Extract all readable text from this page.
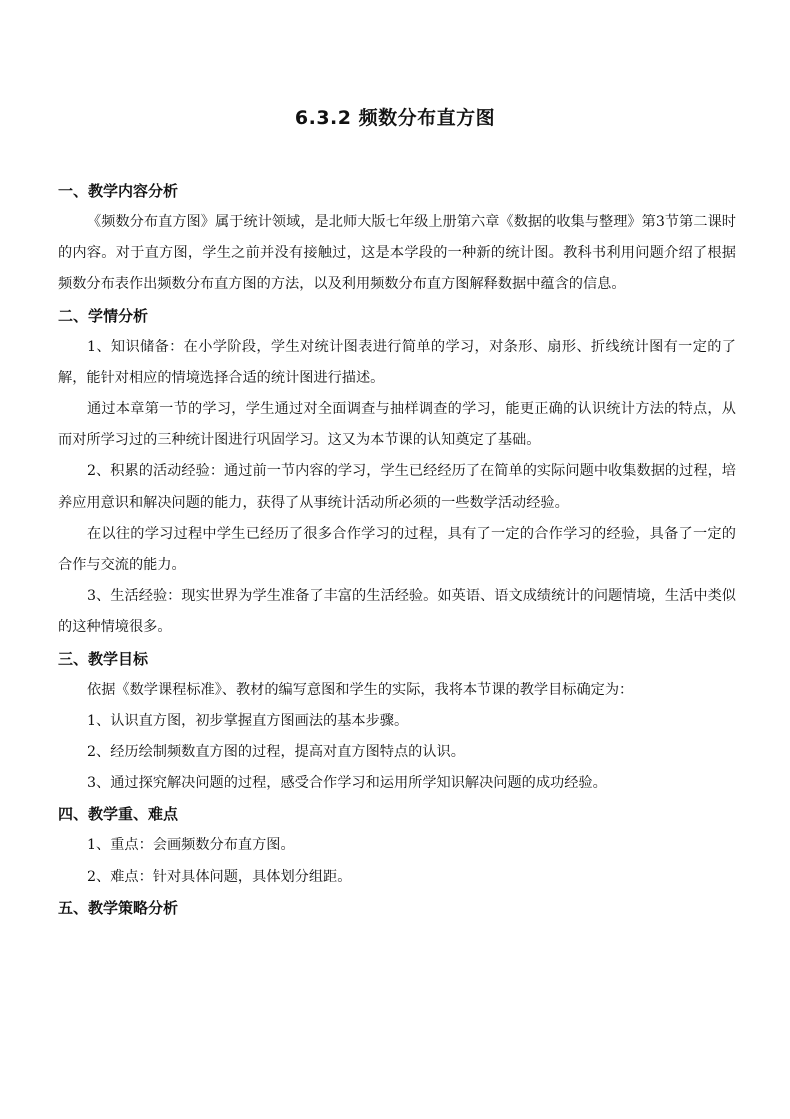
6.3.2 频数分布直方图

一、教学内容分析

《频数分布直方图》属于统计领域，是北师大版七年级上册第六章《数据的收集与整理》第3节第二课时的内容。对于直方图，学生之前并没有接触过，这是本学段的一种新的统计图。教科书利用问题介绍了根据频数分布表作出频数分布直方图的方法，以及利用频数分布直方图解释数据中蕴含的信息。

二、学情分析

1、知识储备：在小学阶段，学生对统计图表进行简单的学习，对条形、扇形、折线统计图有一定的了解，能针对相应的情境选择合适的统计图进行描述。

通过本章第一节的学习，学生通过对全面调查与抽样调查的学习，能更正确的认识统计方法的特点，从而对所学习过的三种统计图进行巩固学习。这又为本节课的认知奠定了基础。

2、积累的活动经验：通过前一节内容的学习，学生已经经历了在简单的实际问题中收集数据的过程，培养应用意识和解决问题的能力，获得了从事统计活动所必须的一些数学活动经验。

在以往的学习过程中学生已经历了很多合作学习的过程，具有了一定的合作学习的经验，具备了一定的合作与交流的能力。

3、生活经验：现实世界为学生准备了丰富的生活经验。如英语、语文成绩统计的问题情境，生活中类似的这种情境很多。

三、教学目标

依据《数学课程标准》、教材的编写意图和学生的实际，我将本节课的教学目标确定为：

1、认识直方图，初步掌握直方图画法的基本步骤。

2、经历绘制频数直方图的过程，提高对直方图特点的认识。

3、通过探究解决问题的过程，感受合作学习和运用所学知识解决问题的成功经验。

四、教学重、难点

1、重点：会画频数分布直方图。

2、难点：针对具体问题，具体划分组距。

五、教学策略分析
